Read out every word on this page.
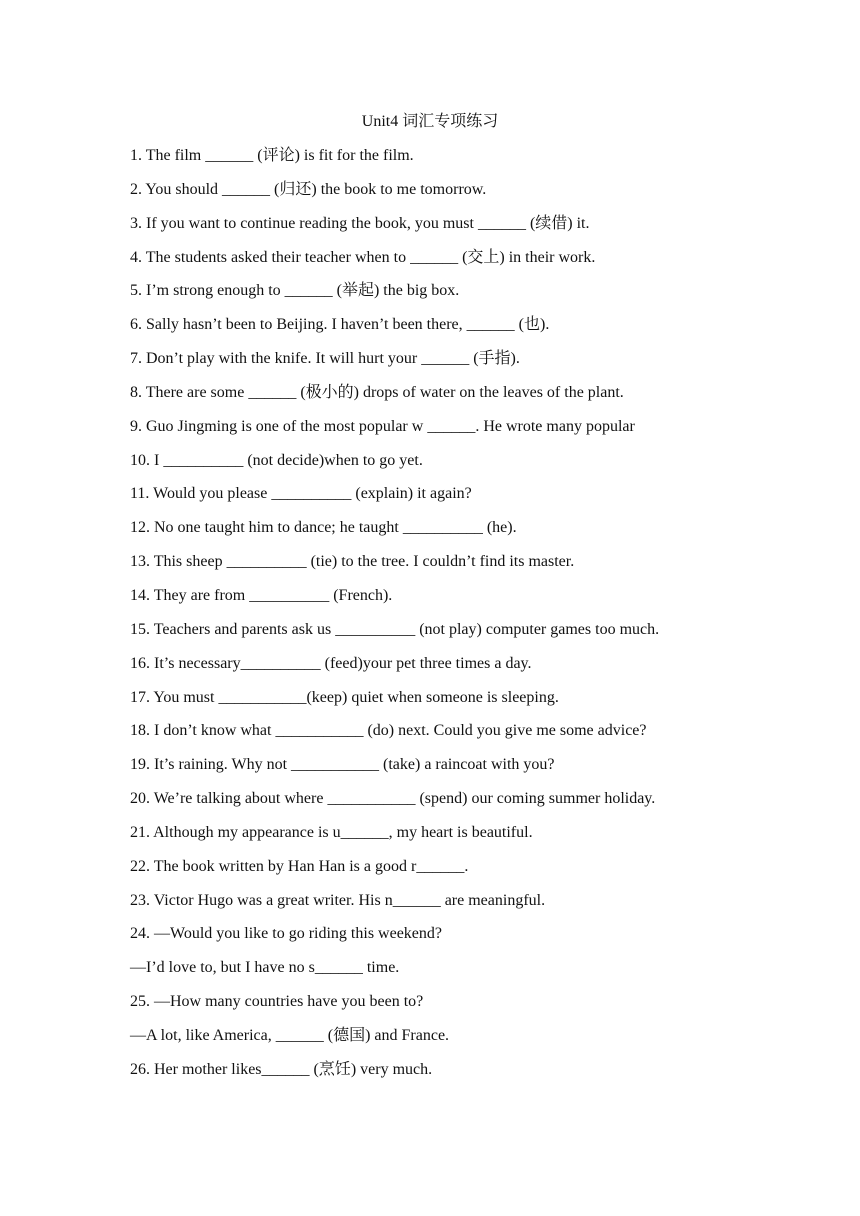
Unit4 词汇专项练习
1. The film ______ (评论) is fit for the film.
2. You should ______ (归还) the book to me tomorrow.
3. If you want to continue reading the book, you must ______ (续借) it.
4. The students asked their teacher when to ______ (交上) in their work.
5. I’m strong enough to ______ (举起) the big box.
6. Sally hasn’t been to Beijing. I haven’t been there, ______ (也).
7. Don’t play with the knife. It will hurt your ______ (手指).
8. There are some ______ (极小的) drops of water on the leaves of the plant.
9. Guo Jingming is one of the most popular w ______. He wrote many popular
10. I __________ (not decide)when to go yet.
11. Would you please __________ (explain) it again?
12. No one taught him to dance; he taught __________ (he).
13. This sheep __________ (tie) to the tree. I couldn’t find its master.
14. They are from __________ (French).
15. Teachers and parents ask us __________ (not play) computer games too much.
16. It’s necessary__________ (feed)your pet three times a day.
17. You must ___________(keep) quiet when someone is sleeping.
18. I don’t know what ___________ (do) next. Could you give me some advice?
19. It’s raining. Why not ___________ (take) a raincoat with you?
20. We’re talking about where ___________ (spend) our coming summer holiday.
21. Although my appearance is u______, my heart is beautiful.
22. The book written by Han Han is a good r______.
23. Victor Hugo was a great writer. His n______ are meaningful.
24. —Would you like to go riding this weekend?
—I’d love to, but I have no s______ time.
25. —How many countries have you been to?
—A lot, like America, ______ (德国) and France.
26. Her mother likes______ (烹饪) very much.
